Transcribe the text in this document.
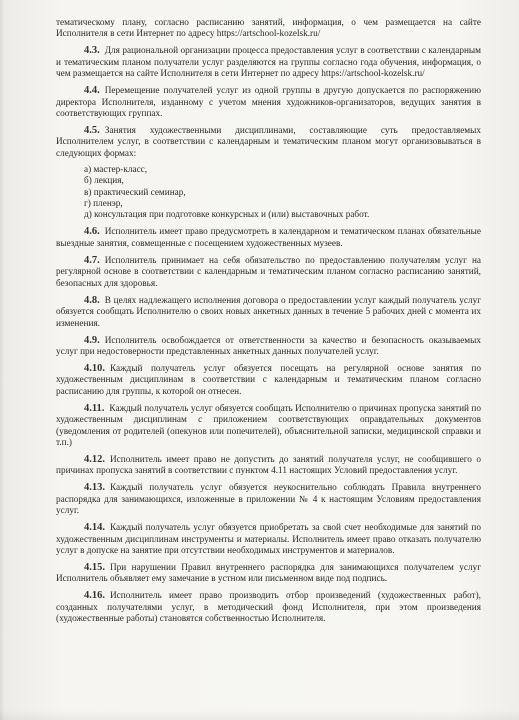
тематическому плану, согласно расписанию занятий, информация, о чем размещается на сайте Исполнителя в сети Интернет по адресу https://artschool-kozelsk.ru/

4.3. Для рациональной организации процесса предоставления услуг в соответствии с календарным и тематическим планом получатели услуг разделяются на группы согласно года обучения, информация, о чем размещается на сайте Исполнителя в сети Интернет по адресу https://artschool-kozelsk.ru/

4.4. Перемещение получателей услуг из одной группы в другую допускается по распоряжению директора Исполнителя, изданному с учетом мнения художников-организаторов, ведущих занятия в соответствующих группах.

4.5. Занятия художественными дисциплинами, составляющие суть предоставляемых Исполнителем услуг, в соответствии с календарным и тематическим планом могут организовываться в следующих формах:

а) мастер-класс,

б) лекция,

в) практический семинар,

г) пленэр,

д) консультация при подготовке конкурсных и (или) выставочных работ.

4.6. Исполнитель имеет право предусмотреть в календарном и тематическом планах обязательные выездные занятия, совмещенные с посещением художественных музеев.

4.7. Исполнитель принимает на себя обязательство по предоставлению получателям услуг на регулярной основе в соответствии с календарным и тематическим планом согласно расписанию занятий, безопасных для здоровья.

4.8. В целях надлежащего исполнения договора о предоставлении услуг каждый получатель услуг обязуется сообщать Исполнителю о своих новых анкетных данных в течение 5 рабочих дней с момента их изменения.

4.9. Исполнитель освобождается от ответственности за качество и безопасность оказываемых услуг при недостоверности представленных анкетных данных получателей услуг.

4.10. Каждый получатель услуг обязуется посещать на регулярной основе занятия по художественным дисциплинам в соответствии с календарным и тематическим планом согласно расписанию для группы, к которой он отнесен.

4.11. Каждый получатель услуг обязуется сообщать Исполнителю о причинах пропуска занятий по художественным дисциплинам с приложением соответствующих оправдательных документов (уведомления от родителей (опекунов или попечителей), объяснительной записки, медицинской справки и т.п.)

4.12. Исполнитель имеет право не допустить до занятий получателя услуг, не сообщившего о причинах пропуска занятий в соответствии с пунктом 4.11 настоящих Условий предоставления услуг.

4.13. Каждый получатель услуг обязуется неукоснительно соблюдать Правила внутреннего распорядка для занимающихся, изложенные в приложении № 4 к настоящим Условиям предоставления услуг.

4.14. Каждый получатель услуг обязуется приобретать за свой счет необходимые для занятий по художественным дисциплинам инструменты и материалы. Исполнитель имеет право отказать получателю услуг в допуске на занятие при отсутствии необходимых инструментов и материалов.

4.15. При нарушении Правил внутреннего распорядка для занимающихся получателем услуг Исполнитель объявляет ему замечание в устном или письменном виде под подпись.

4.16. Исполнитель имеет право производить отбор произведений (художественных работ), созданных получателями услуг, в методический фонд Исполнителя, при этом произведения (художественные работы) становятся собственностью Исполнителя.
